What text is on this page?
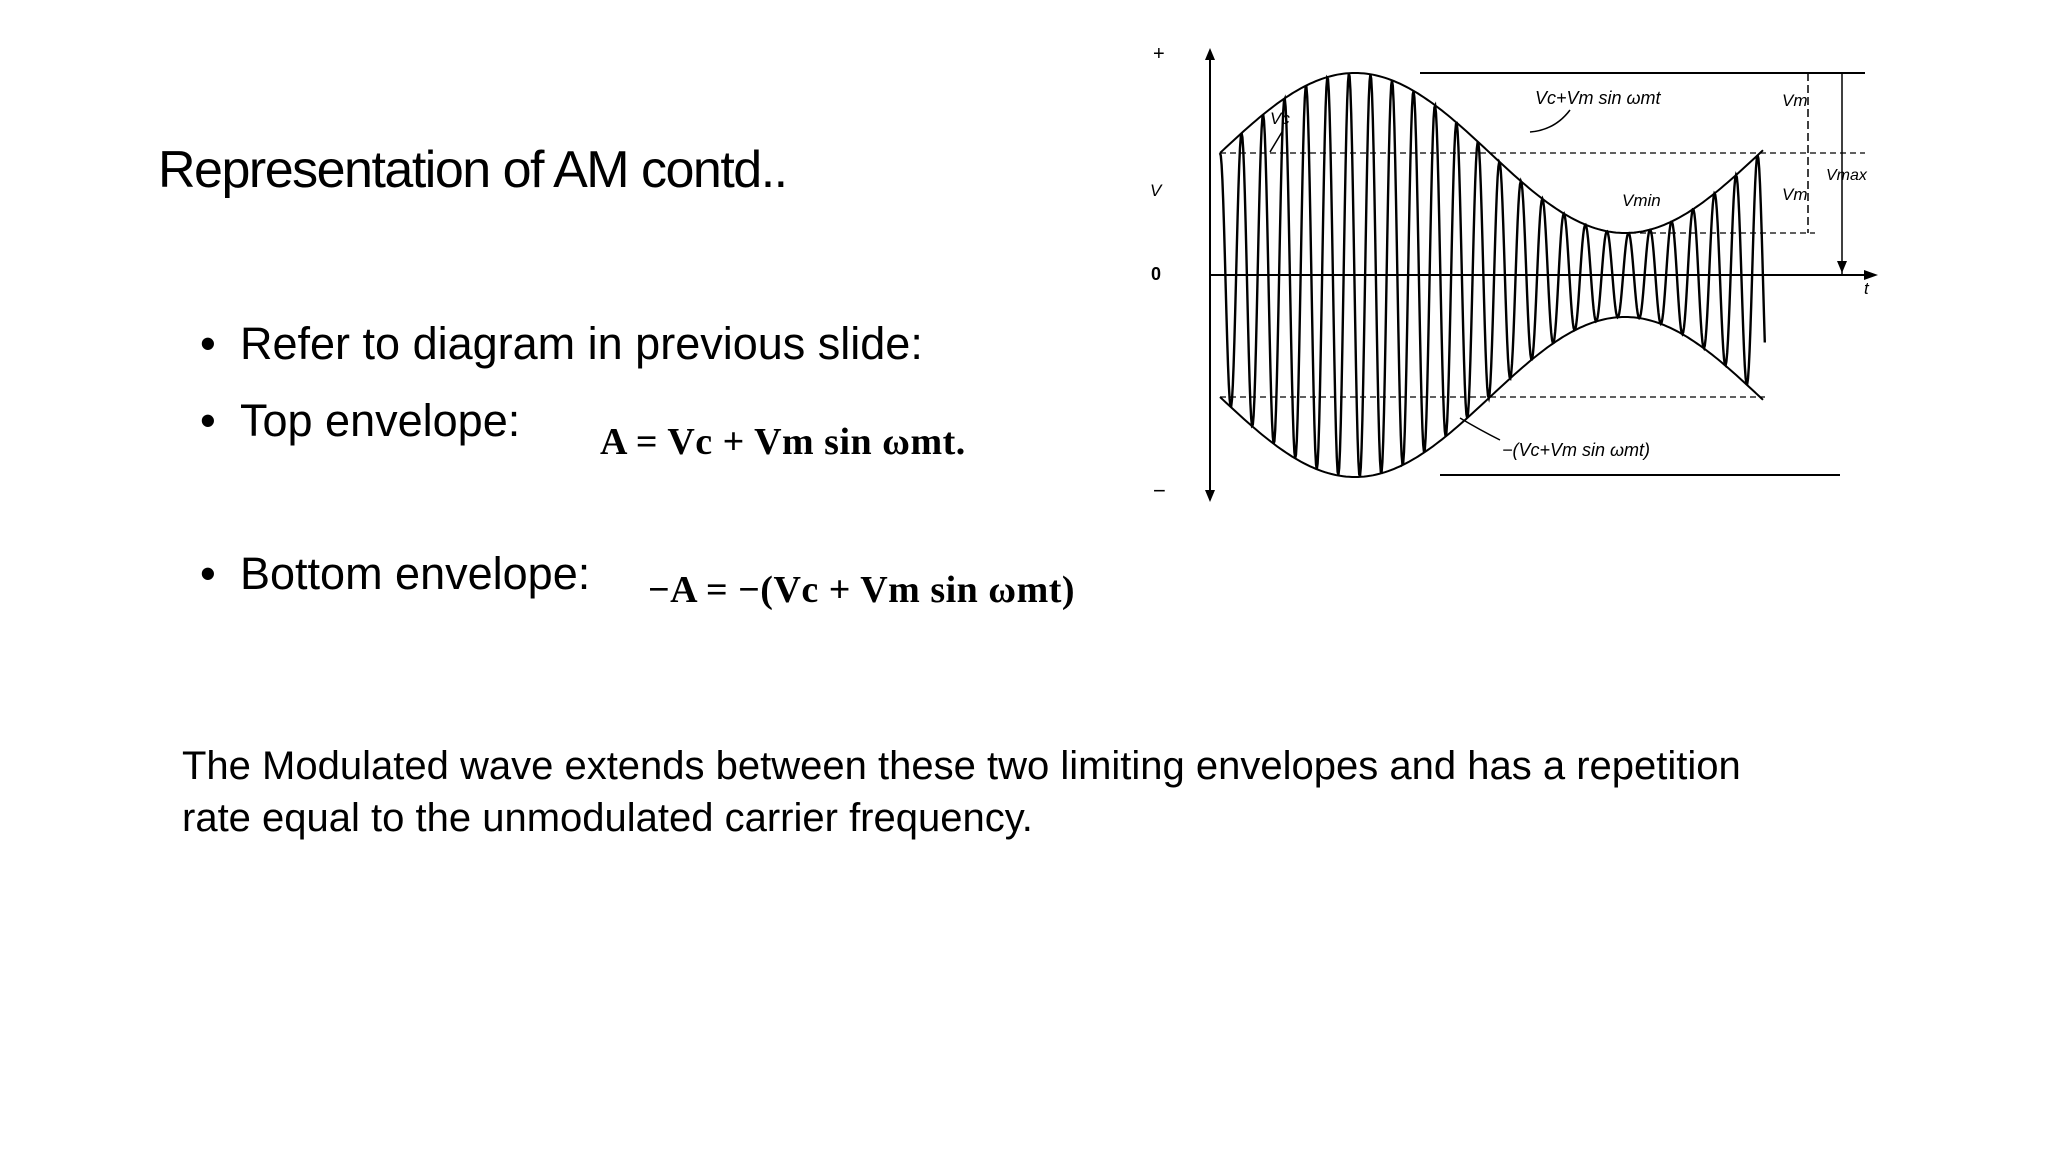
Representation of AM contd..
• Refer to diagram in previous slide:
• Top envelope:
• Bottom envelope:
A = Vc + Vm sin ωmt.
−A = −(Vc + Vm sin ωmt)
The Modulated wave extends between these two limiting envelopes and has a repetition rate equal to the unmodulated carrier frequency.
+
−
0
V
t
Vc
Vc+Vm sin ωmt
−(Vc+Vm sin ωmt)
Vmin
Vm
Vm
Vmax
